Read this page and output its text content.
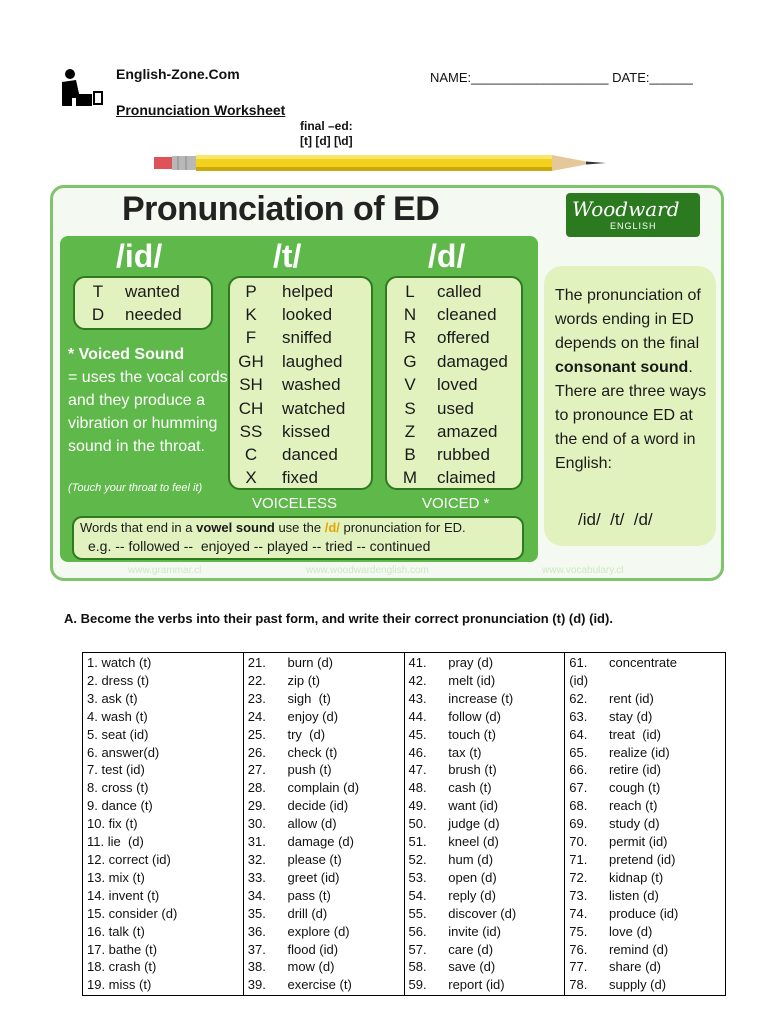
English-Zone.Com
Pronunciation Worksheet
NAME:___________________ DATE:______
final –ed:
[t] [d] [\d]
Pronunciation of ED	Woodward
ENGLISH
/id/	/t/	/d/
T	wanted
D	needed
P	helped
K	looked
F	sniffed
GH laughed
SH washed
CH watched
SS kissed
C	danced
X	fixed
L	called
N	cleaned
R	offered
G	damaged
V	loved
S	used
Z	amazed
B	rubbed
M	claimed
* Voiced Sound
= uses the vocal cords and they produce a vibration or humming sound in the throat.
(Touch your throat to feel it)
VOICELESS	VOICED *
Words that end in a vowel sound use the /d/ pronunciation for ED.
e.g. -- followed --  enjoyed -- played -- tried -- continued
www.grammar.cl	www.woodwardenglish.com	www.vocabulary.cl
The pronunciation of words ending in ED depends on the final consonant sound. There are three ways to pronounce ED at the end of a word in English:
/id/  /t/  /d/
A. Become the verbs into their past form, and write their correct pronunciation (t) (d) (id).
1. watch (t)
2. dress (t)
3. ask (t)
4. wash (t)
5. seat (id)
6. answer(d)
7. test (id)
8. cross (t)
9. dance (t)
10. fix (t)
11. lie  (d)
12. correct (id)
13. mix (t)
14. invent (t)
15. consider (d)
16. talk (t)
17. bathe (t)
18. crash (t)
19. miss (t)

21.      burn (d)
22.      zip (t)
23.      sigh  (t)
24.      enjoy (d)
25.      try  (d)
26.      check (t)
27.      push (t)
28.      complain (d)
29.      decide (id)
30.      allow (d)
31.      damage (d)
32.      please (t)
33.      greet (id)
34.      pass (t)
35.      drill (d)
36.      explore (d)
37.      flood (id)
38.      mow (d)
39.      exercise (t)

41.      pray (d)
42.      melt (id)
43.      increase (t)
44.      follow (d)
45.      touch (t)
46.      tax (t)
47.      brush (t)
48.      cash (t)
49.      want (id)
50.      judge (d)
51.      kneel (d)
52.      hum (d)
53.      open (d)
54.      reply (d)
55.      discover (d)
56.      invite (id)
57.      care (d)
58.      save (d)
59.      report (id)

61.      concentrate
(id)
62.      rent (id)
63.      stay (d)
64.      treat  (id)
65.      realize (id)
66.      retire (id)
67.      cough (t)
68.      reach (t)
69.      study (d)
70.      permit (id)
71.      pretend (id)
72.      kidnap (t)
73.      listen (d)
74.      produce (id)
75.      love (d)
76.      remind (d)
77.      share (d)
78.      supply (d)
